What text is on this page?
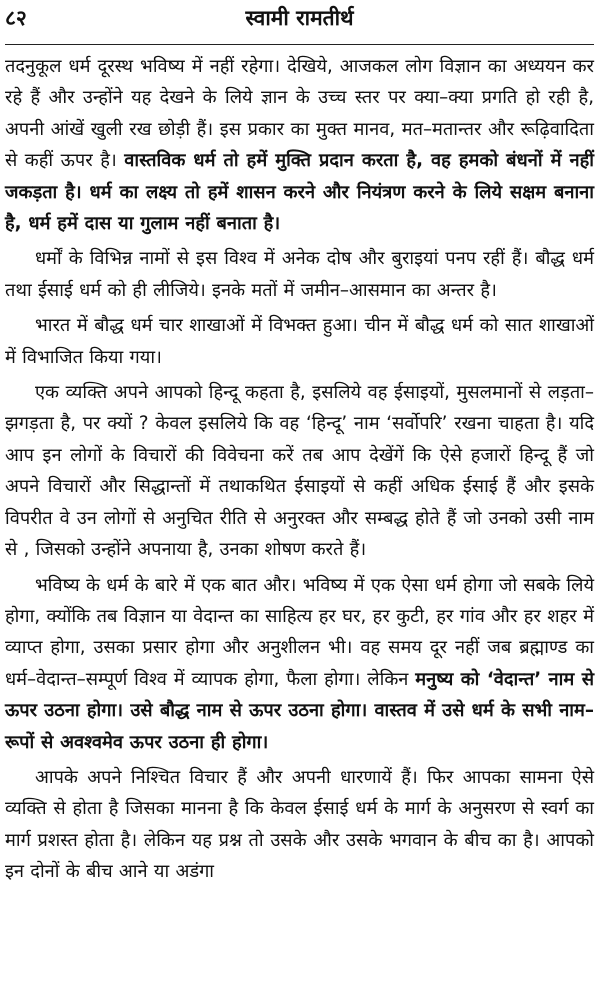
८२	स्वामी रामतीर्थ

तदनुकूल धर्म दूरस्थ भविष्य में नहीं रहेगा। देखिये, आजकल लोग विज्ञान का अध्ययन कर रहे हैं और उन्होंने यह देखने के लिये ज्ञान के उच्च स्तर पर क्या–क्या प्रगति हो रही है, अपनी आंखें खुली रख छोड़ी हैं। इस प्रकार का मुक्त मानव, मत–मतान्तर और रूढ़िवादिता से कहीं ऊपर है। वास्तविक धर्म तो हमें मुक्ति प्रदान करता है, वह हमको बंधनों में नहीं जकड़ता है। धर्म का लक्ष्य तो हमें शासन करने और नियंत्रण करने के लिये सक्षम बनाना है, धर्म हमें दास या गुलाम नहीं बनाता है।

धर्मों के विभिन्न नामों से इस विश्व में अनेक दोष और बुराइयां पनप रहीं हैं। बौद्ध धर्म तथा ईसाई धर्म को ही लीजिये। इनके मतों में जमीन–आसमान का अन्तर है।

भारत में बौद्ध धर्म चार शाखाओं में विभक्त हुआ। चीन में बौद्ध धर्म को सात शाखाओं में विभाजित किया गया।

एक व्यक्ति अपने आपको हिन्दू कहता है, इसलिये वह ईसाइयों, मुसलमानों से लड़ता–झगड़ता है, पर क्यों ? केवल इसलिये कि वह ‘हिन्दू’ नाम ‘सर्वोपरि’ रखना चाहता है। यदि आप इन लोगों के विचारों की विवेचना करें तब आप देखेंगें कि ऐसे हजारों हिन्दू हैं जो अपने विचारों और सिद्धान्तों में तथाकथित ईसाइयों से कहीं अधिक ईसाई हैं और इसके विपरीत वे उन लोगों से अनुचित रीति से अनुरक्त और सम्बद्ध होते हैं जो उनको उसी नाम से , जिसको उन्होंने अपनाया है, उनका शोषण करते हैं।

भविष्य के धर्म के बारे में एक बात और। भविष्य में एक ऐसा धर्म होगा जो सबके लिये होगा, क्योंकि तब विज्ञान या वेदान्त का साहित्य हर घर, हर कुटी, हर गांव और हर शहर में व्याप्त होगा, उसका प्रसार होगा और अनुशीलन भी। वह समय दूर नहीं जब ब्रह्माण्ड का धर्म–वेदान्त–सम्पूर्ण विश्व में व्यापक होगा, फैला होगा। लेकिन मनुष्य को ‘वेदान्त’ नाम से ऊपर उठना होगा। उसे बौद्ध नाम से ऊपर उठना होगा। वास्तव में उसे धर्म के सभी नाम–रूपों से अवश्वमेव ऊपर उठना ही होगा।

आपके अपने निश्चित विचार हैं और अपनी धारणायें हैं। फिर आपका सामना ऐसे व्यक्ति से होता है जिसका मानना है कि केवल ईसाई धर्म के मार्ग के अनुसरण से स्वर्ग का मार्ग प्रशस्त होता है। लेकिन यह प्रश्न तो उसके और उसके भगवान के बीच का है। आपको इन दोनों के बीच आने या अडंगा
